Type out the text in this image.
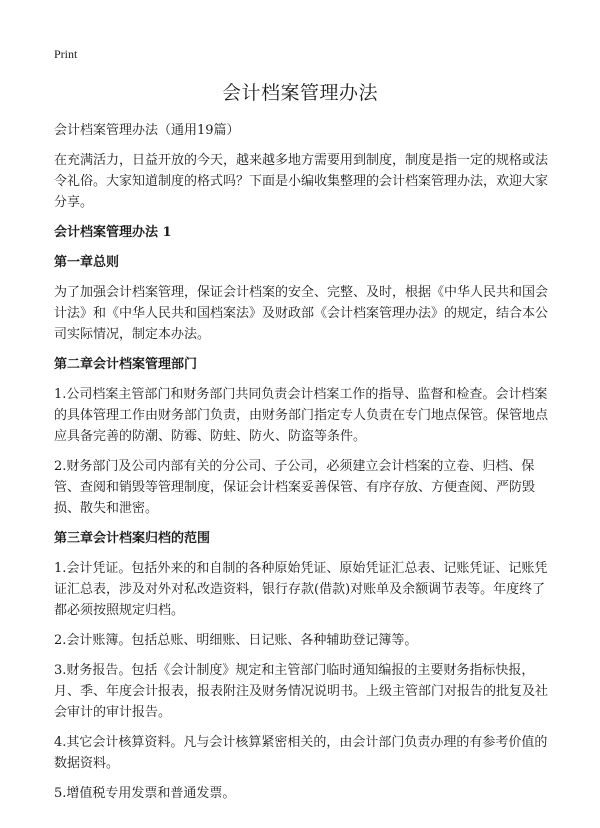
Print
会计档案管理办法

会计档案管理办法（通用19篇）

在充满活力，日益开放的今天，越来越多地方需要用到制度，制度是指一定的规格或法令礼俗。大家知道制度的格式吗？下面是小编收集整理的会计档案管理办法，欢迎大家分享。

会计档案管理办法 1

第一章总则

为了加强会计档案管理，保证会计档案的安全、完整、及时，根据《中华人民共和国会计法》和《中华人民共和国档案法》及财政部《会计档案管理办法》的规定，结合本公司实际情况，制定本办法。

第二章会计档案管理部门

1.公司档案主管部门和财务部门共同负责会计档案工作的指导、监督和检查。会计档案的具体管理工作由财务部门负责，由财务部门指定专人负责在专门地点保管。保管地点应具备完善的防潮、防霉、防蛀、防火、防盗等条件。

2.财务部门及公司内部有关的分公司、子公司，必须建立会计档案的立卷、归档、保管、查阅和销毁等管理制度，保证会计档案妥善保管、有序存放、方便查阅、严防毁损、散失和泄密。

第三章会计档案归档的范围

1.会计凭证。包括外来的和自制的各种原始凭证、原始凭证汇总表、记账凭证、记账凭证汇总表，涉及对外对私改造资料，银行存款(借款)对账单及余额调节表等。年度终了都必须按照规定归档。

2.会计账簿。包括总账、明细账、日记账、各种辅助登记簿等。

3.财务报告。包括《会计制度》规定和主管部门临时通知编报的主要财务指标快报，月、季、年度会计报表，报表附注及财务情况说明书。上级主管部门对报告的批复及社会审计的审计报告。

4.其它会计核算资料。凡与会计核算紧密相关的，由会计部门负责办理的有参考价值的数据资料。

5.增值税专用发票和普通发票。
